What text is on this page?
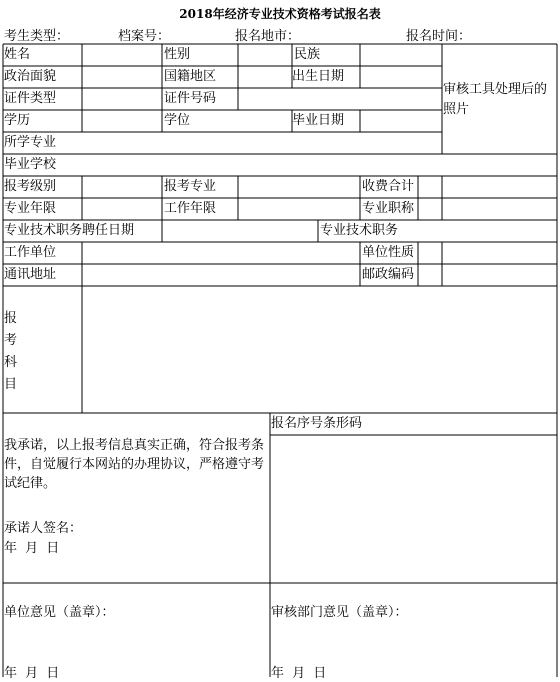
2018年经济专业技术资格考试报名表
考生类型：	档案号：	报名地市：	报名时间：
姓名	性别	民族
审核工具处理后的照片
政治面貌	国籍地区	出生日期
证件类型	证件号码
学历	学位	毕业日期
所学专业
毕业学校
报考级别	报考专业	收费合计
专业年限	工作年限	专业职称
专业技术职务聘任日期	专业技术职务
工作单位	单位性质
通讯地址	邮政编码
报考科目
报名序号条形码
我承诺，以上报考信息真实正确，符合报考条件，自觉履行本网站的办理协议，严格遵守考试纪律。
承诺人签名：
年 月 日
单位意见（盖章）：	审核部门意见（盖章）：
年 月 日	年 月 日
